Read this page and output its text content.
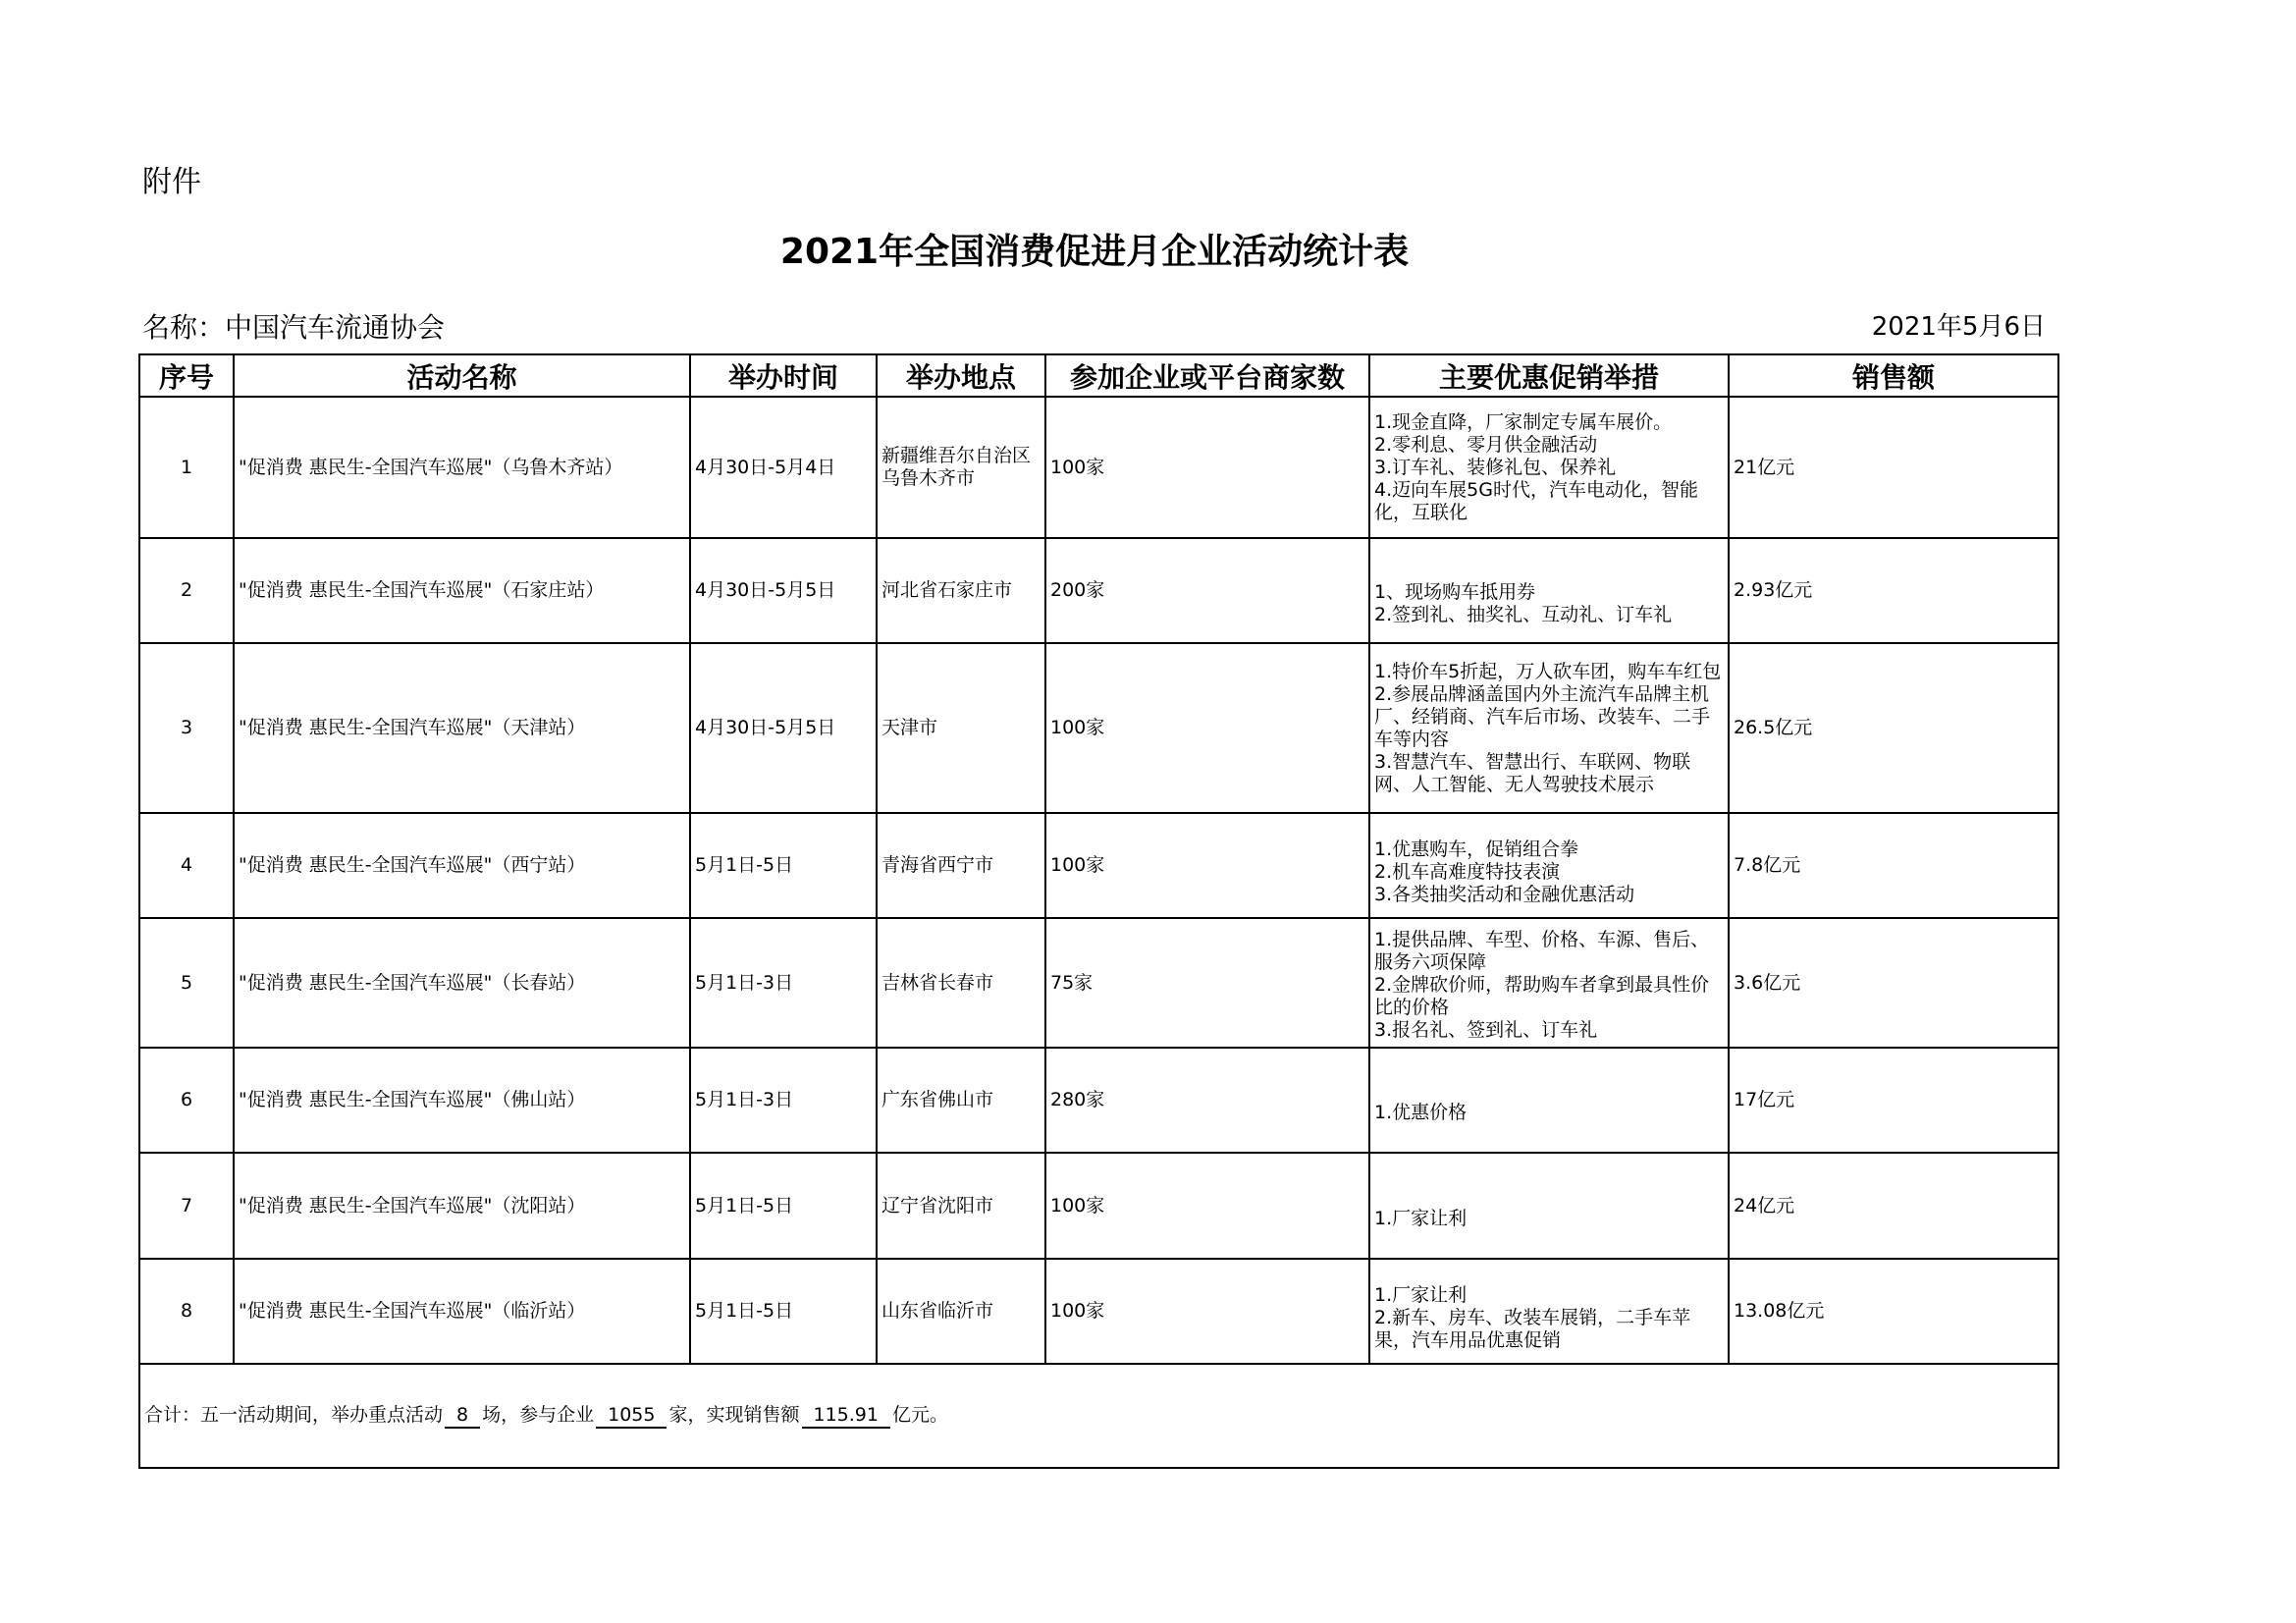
附件
2021年全国消费促进月企业活动统计表
名称：中国汽车流通协会	2021年5月6日
序号	活动名称	举办时间	举办地点	参加企业或平台商家数	主要优惠促销举措	销售额
1	"促消费 惠民生-全国汽车巡展"（乌鲁木齐站）	4月30日-5月4日	新疆维吾尔自治区乌鲁木齐市	100家	1.现金直降，厂家制定专属车展价。
2.零利息、零月供金融活动
3.订车礼、装修礼包、保养礼
4.迈向车展5G时代，汽车电动化，智能化，互联化	21亿元
2	"促消费 惠民生-全国汽车巡展"（石家庄站）	4月30日-5月5日	河北省石家庄市	200家	1、现场购车抵用券
2.签到礼、抽奖礼、互动礼、订车礼	2.93亿元
3	"促消费 惠民生-全国汽车巡展"（天津站）	4月30日-5月5日	天津市	100家	1.特价车5折起，万人砍车团，购车车红包
2.参展品牌涵盖国内外主流汽车品牌主机厂、经销商、汽车后市场、改装车、二手车等内容
3.智慧汽车、智慧出行、车联网、物联网、人工智能、无人驾驶技术展示	26.5亿元
4	"促消费 惠民生-全国汽车巡展"（西宁站）	5月1日-5日	青海省西宁市	100家	1.优惠购车，促销组合拳
2.机车高难度特技表演
3.各类抽奖活动和金融优惠活动	7.8亿元
5	"促消费 惠民生-全国汽车巡展"（长春站）	5月1日-3日	吉林省长春市	75家	1.提供品牌、车型、价格、车源、售后、服务六项保障
2.金牌砍价师，帮助购车者拿到最具性价比的价格
3.报名礼、签到礼、订车礼	3.6亿元
6	"促消费 惠民生-全国汽车巡展"（佛山站）	5月1日-3日	广东省佛山市	280家	1.优惠价格	17亿元
7	"促消费 惠民生-全国汽车巡展"（沈阳站）	5月1日-5日	辽宁省沈阳市	100家	1.厂家让利	24亿元
8	"促消费 惠民生-全国汽车巡展"（临沂站）	5月1日-5日	山东省临沂市	100家	1.厂家让利
2.新车、房车、改装车展销，二手车苹果，汽车用品优惠促销	13.08亿元
合计：五一活动期间，举办重点活动 8 场，参与企业 1055 家，实现销售额 115.91 亿元。						
